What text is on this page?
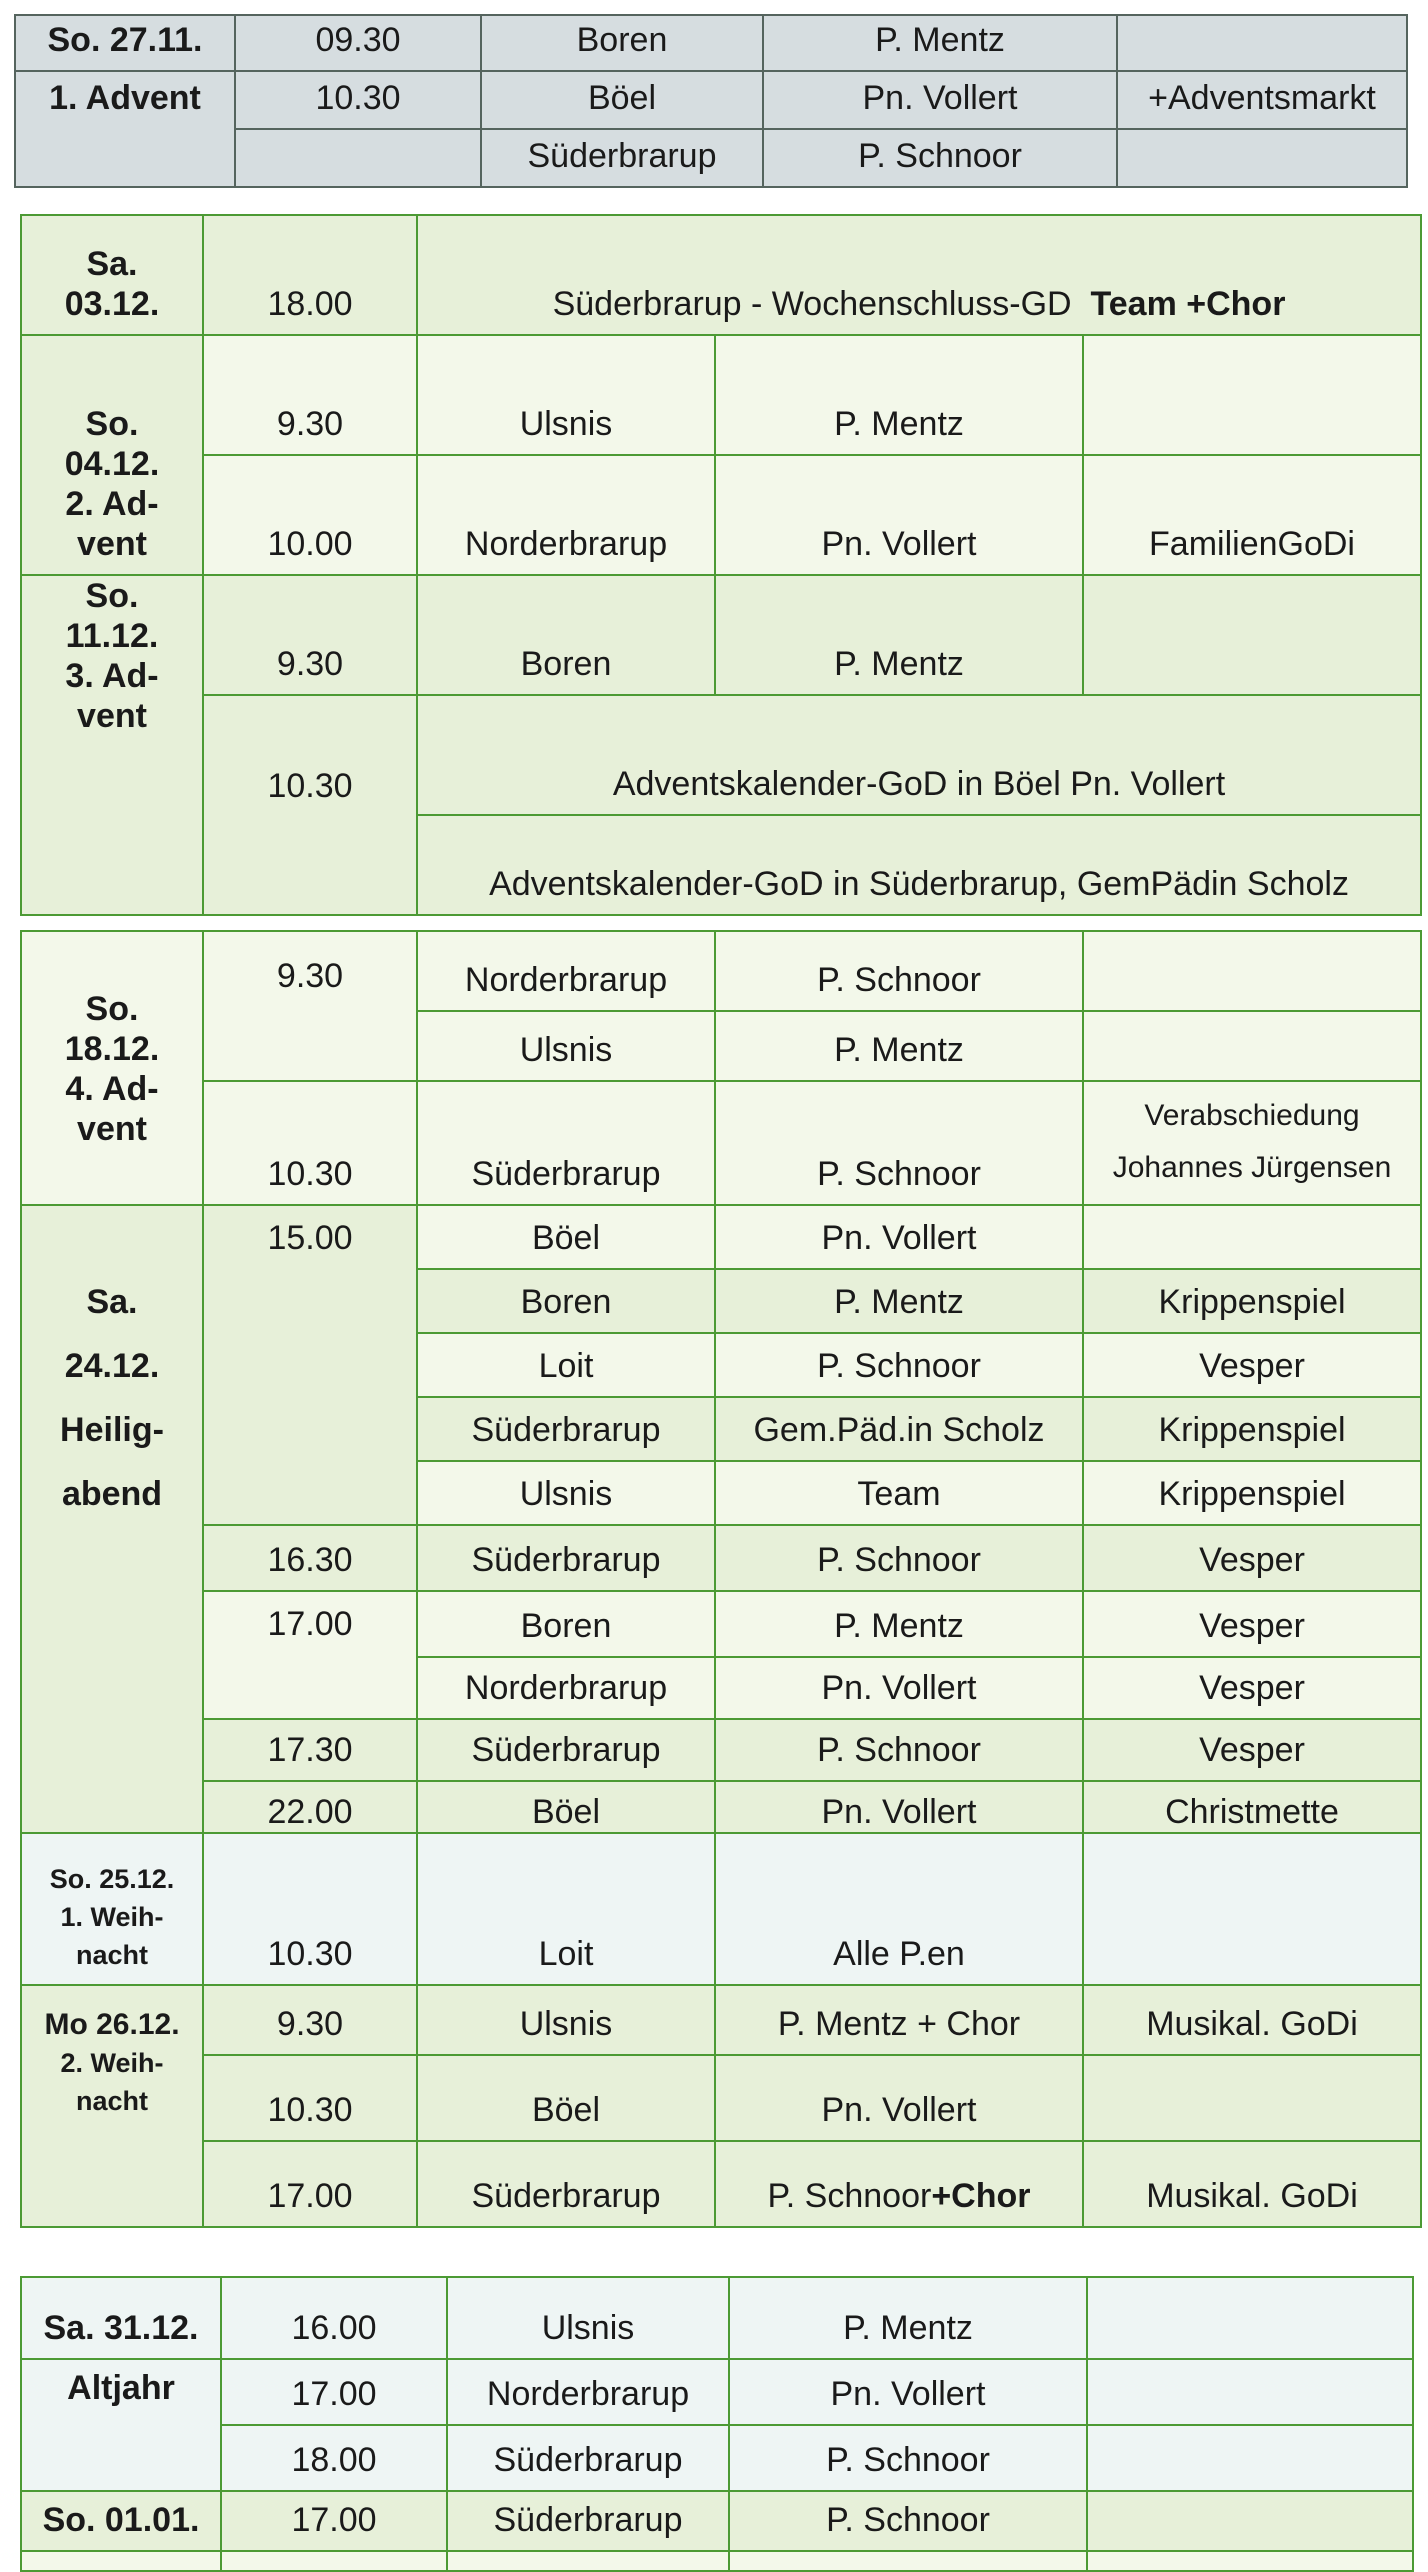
So. 27.11.	09.30	Boren	P. Mentz	
1. Advent	10.30	Böel	Pn. Vollert	+Adventsmarkt
		Süderbrarup	P. Schnoor	
Sa.
03.12.	18.00	Süderbrarup - Wochenschluss-GD Team +Chor		
So.
04.12.
2. Ad-
vent	9.30	Ulsnis	P. Mentz	
	10.00	Norderbrarup	Pn. Vollert	FamilienGoDi
So.
11.12.
3. Ad-
vent	9.30	Boren	P. Mentz	
	10.30	Adventskalender-GoD in Böel Pn. Vollert		
		Adventskalender-GoD in Süderbrarup, GemPädin Scholz		
So.
18.12.
4. Ad-
vent	9.30	Norderbrarup	P. Schnoor	
		Ulsnis	P. Mentz	
	10.30	Süderbrarup	P. Schnoor	Verabschiedung
Johannes Jürgensen
Sa.
24.12.
Heilig-
abend	15.00	Böel	Pn. Vollert	
		Boren	P. Mentz	Krippenspiel
		Loit	P. Schnoor	Vesper
		Süderbrarup	Gem.Päd.in Scholz	Krippenspiel
		Ulsnis	Team	Krippenspiel
	16.30	Süderbrarup	P. Schnoor	Vesper
	17.00	Boren	P. Mentz	Vesper
		Norderbrarup	Pn. Vollert	Vesper
	17.30	Süderbrarup	P. Schnoor	Vesper
	22.00	Böel	Pn. Vollert	Christmette
So. 25.12.
1. Weih-
nacht	10.30	Loit	Alle P.en	
Mo 26.12.
2. Weih-
nacht	9.30	Ulsnis	P. Mentz + Chor	Musikal. GoDi
	10.30	Böel	Pn. Vollert	
	17.00	Süderbrarup	P. Schnoor+Chor	Musikal. GoDi
Sa. 31.12.	16.00	Ulsnis	P. Mentz	
Altjahr	17.00	Norderbrarup	Pn. Vollert	
	18.00	Süderbrarup	P. Schnoor	
So. 01.01.	17.00	Süderbrarup	P. Schnoor	
